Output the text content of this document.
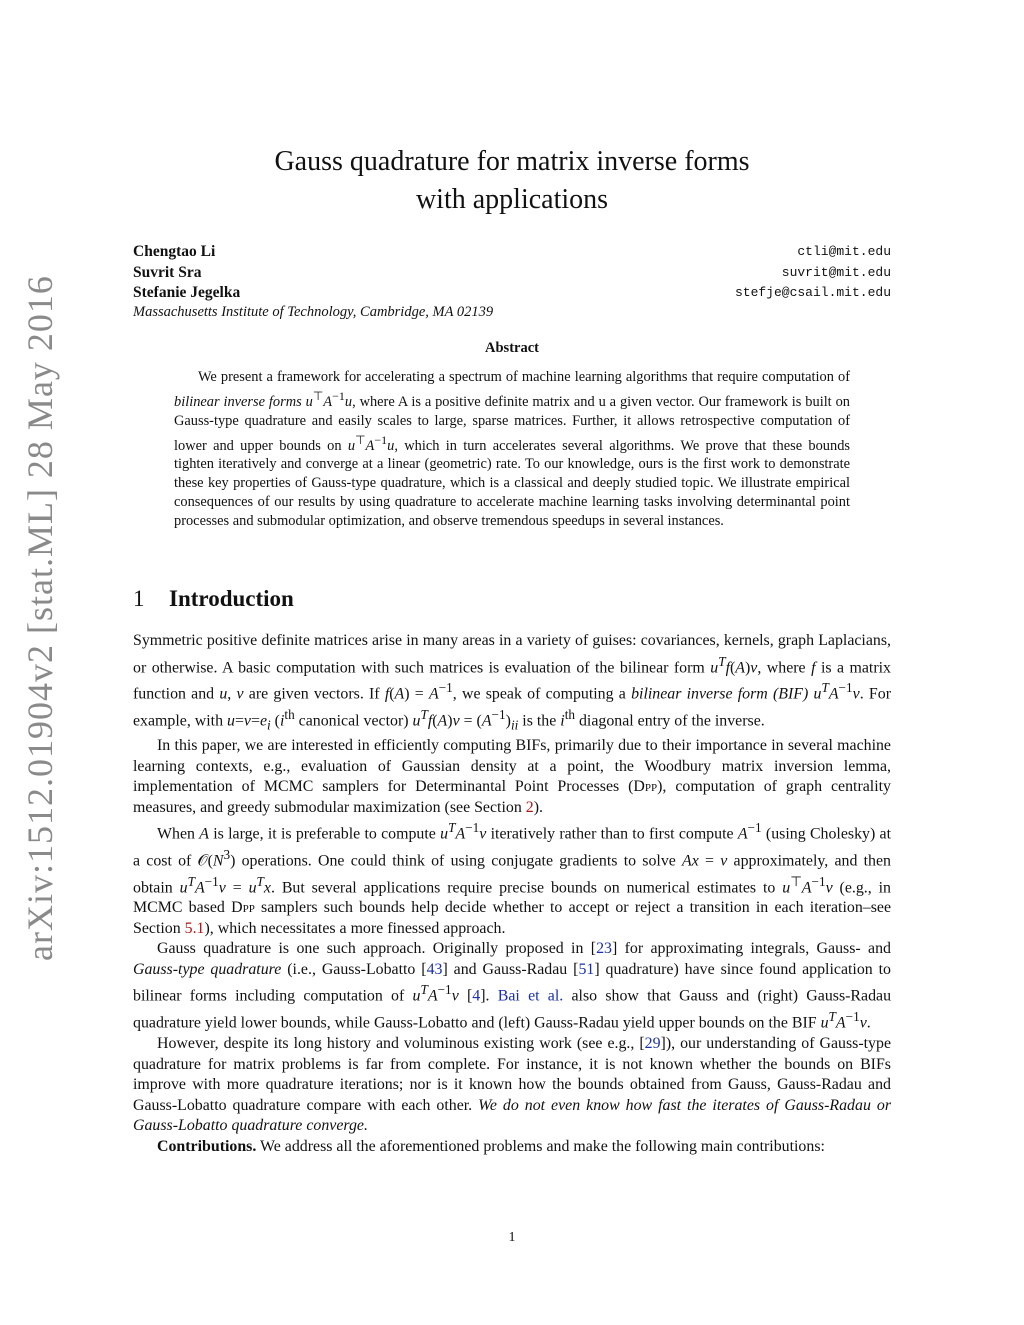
arXiv:1512.01904v2 [stat.ML] 28 May 2016
Gauss quadrature for matrix inverse forms
with applications
Chengtao Li	ctli@mit.edu
Suvrit Sra	suvrit@mit.edu
Stefanie Jegelka	stefje@csail.mit.edu
Massachusetts Institute of Technology, Cambridge, MA 02139
Abstract
We present a framework for accelerating a spectrum of machine learning algorithms that require computation of bilinear inverse forms $u^⊤A^{-1}u$, where A is a positive definite matrix and u a given vector. Our framework is built on Gauss-type quadrature and easily scales to large, sparse matrices. Further, it allows retrospective computation of lower and upper bounds on $u^⊤A^{-1}u$, which in turn accelerates several algorithms. We prove that these bounds tighten iteratively and converge at a linear (geometric) rate. To our knowledge, ours is the first work to demonstrate these key properties of Gauss-type quadrature, which is a classical and deeply studied topic. We illustrate empirical consequences of our results by using quadrature to accelerate machine learning tasks involving determinantal point processes and submodular optimization, and observe tremendous speedups in several instances.
1 Introduction

Symmetric positive definite matrices arise in many areas in a variety of guises: covariances, kernels, graph Laplacians, or otherwise. A basic computation with such matrices is evaluation of the bilinear form $u^Tf(A)v$, where f is a matrix function and u, v are given vectors. If $f(A) = A^{-1}$, we speak of computing a bilinear inverse form (BIF) $u^TA^{-1}v$. For example, with $u=v=e_i$ ($i^{th}$ canonical vector) $u^Tf(A)v = (A^{-1})_{ii}$ is the $i^{th}$ diagonal entry of the inverse.

In this paper, we are interested in efficiently computing BIFs, primarily due to their importance in several machine learning contexts, e.g., evaluation of Gaussian density at a point, the Woodbury matrix inversion lemma, implementation of MCMC samplers for Determinantal Point Processes (Dpp), computation of graph centrality measures, and greedy submodular maximization (see Section 2).

When A is large, it is preferable to compute $u^TA^{-1}v$ iteratively rather than to first compute $A^{-1}$ (using Cholesky) at a cost of $𝒪(N^3)$ operations. One could think of using conjugate gradients to solve Ax = v approximately, and then obtain $u^TA^{-1}v = u^Tx$. But several applications require precise bounds on numerical estimates to $u^⊤A^{-1}v$ (e.g., in MCMC based Dpp samplers such bounds help decide whether to accept or reject a transition in each iteration–see Section 5.1), which necessitates a more finessed approach.

Gauss quadrature is one such approach. Originally proposed in [23] for approximating integrals, Gauss- and Gauss-type quadrature (i.e., Gauss-Lobatto [43] and Gauss-Radau [51] quadrature) have since found application to bilinear forms including computation of $u^TA^{-1}v$ [4]. Bai et al. also show that Gauss and (right) Gauss-Radau quadrature yield lower bounds, while Gauss-Lobatto and (left) Gauss-Radau yield upper bounds on the BIF $u^TA^{-1}v$.

However, despite its long history and voluminous existing work (see e.g., [29]), our understanding of Gauss-type quadrature for matrix problems is far from complete. For instance, it is not known whether the bounds on BIFs improve with more quadrature iterations; nor is it known how the bounds obtained from Gauss, Gauss-Radau and Gauss-Lobatto quadrature compare with each other. We do not even know how fast the iterates of Gauss-Radau or Gauss-Lobatto quadrature converge.

Contributions. We address all the aforementioned problems and make the following main contributions:

1
